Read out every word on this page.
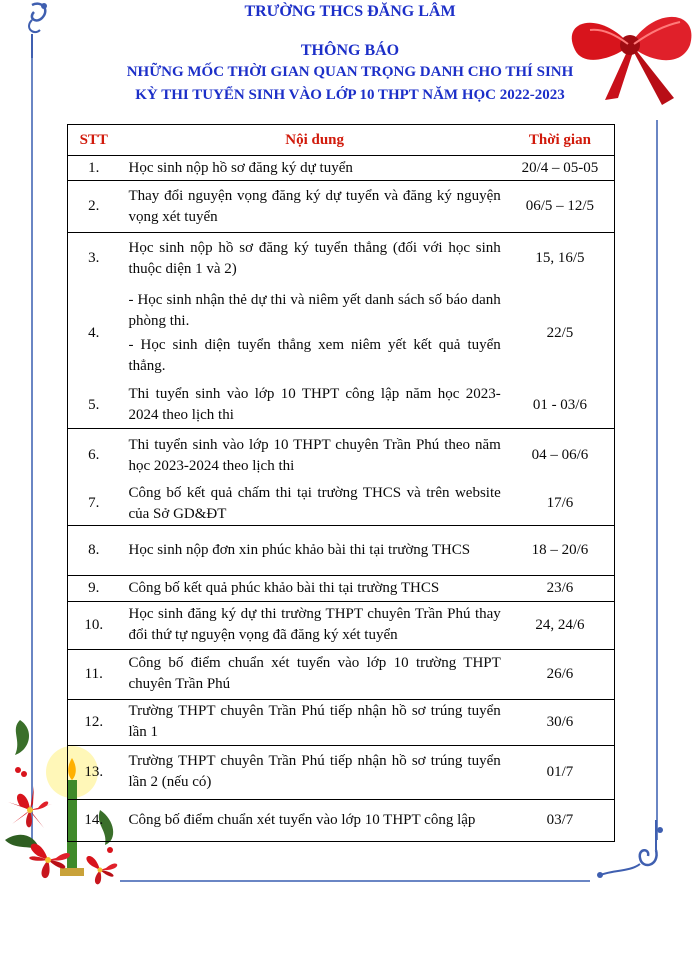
TRƯỜNG THCS ĐĂNG LÂM
THÔNG BÁO
NHỮNG MỐC THỜI GIAN QUAN TRỌNG DANH CHO THÍ SINH
KỲ THI TUYỂN SINH VÀO LỚP 10 THPT NĂM HỌC 2022-2023
STT	Nội dung	Thời gian
1.	Học sinh nộp hồ sơ đăng ký dự tuyển	20/4 – 05-05
2.	Thay đổi nguyện vọng đăng ký dự tuyển và đăng ký nguyện vọng xét tuyển	06/5 – 12/5
3.	Học sinh nộp hồ sơ đăng ký tuyển thẳng (đối với học sinh thuộc diện 1 và 2)	15, 16/5
4.	- Học sinh nhận thẻ dự thi và niêm yết danh sách số báo danh phòng thi.
- Học sinh diện tuyển thẳng xem niêm yết kết quả tuyển thẳng.	22/5
5.	Thi tuyển sinh vào lớp 10 THPT công lập năm học 2023-2024 theo lịch thi	01 - 03/6
6.	Thi tuyển sinh vào lớp 10 THPT chuyên Trần Phú theo năm học 2023-2024 theo lịch thi	04 – 06/6
7.	Công bố kết quả chấm thi tại trường THCS và trên website của Sở GD&ĐT	17/6
8.	Học sinh nộp đơn xin phúc khảo bài thi tại trường THCS	18 – 20/6
9.	Công bố kết quả phúc khảo bài thi tại trường THCS	23/6
10.	Học sinh đăng ký dự thi trường THPT chuyên Trần Phú thay đổi thứ tự nguyện vọng đã đăng ký xét tuyển	24, 24/6
11.	Công bố điểm chuẩn xét tuyển vào lớp 10 trường THPT chuyên Trần Phú	26/6
12.	Trường THPT chuyên Trần Phú tiếp nhận hồ sơ trúng tuyển lần 1	30/6
13.	Trường THPT chuyên Trần Phú tiếp nhận hồ sơ trúng tuyển lần 2 (nếu có)	01/7
14.	Công bố điểm chuẩn xét tuyển vào lớp 10 THPT công lập	03/7
